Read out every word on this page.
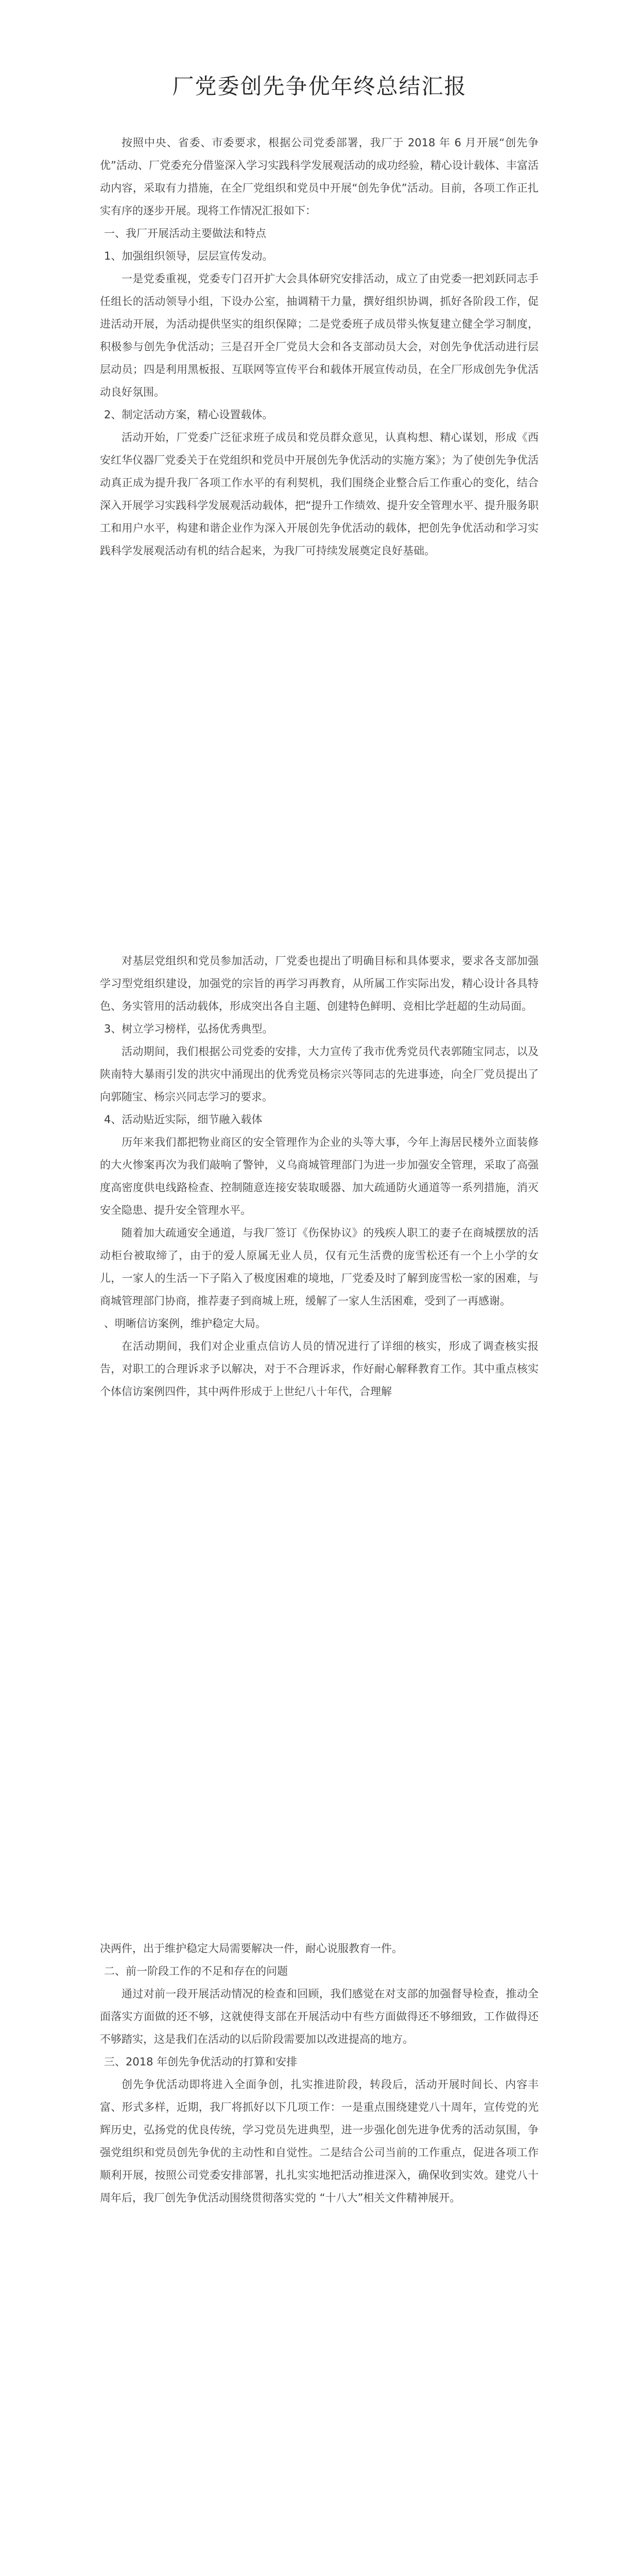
厂党委创先争优年终总结汇报

按照中央、省委、市委要求，根据公司党委部署，我厂于 2018 年 6 月开展“创先争优”活动、厂党委充分借鉴深入学习实践科学发展观活动的成功经验，精心设计载体、丰富活动内容，采取有力措施，在全厂党组织和党员中开展“创先争优”活动。目前，各项工作正扎实有序的逐步开展。现将工作情况汇报如下：

一、我厂开展活动主要做法和特点

1、加强组织领导，层层宣传发动。

一是党委重视，党委专门召开扩大会具体研究安排活动，成立了由党委一把刘跃同志手任组长的活动领导小组，下设办公室，抽调精干力量，撰好组织协调，抓好各阶段工作，促进活动开展，为活动提供坚实的组织保障；二是党委班子成员带头恢复建立健全学习制度，积极参与创先争优活动；三是召开全厂党员大会和各支部动员大会，对创先争优活动进行层层动员；四是利用黑板报、互联网等宣传平台和载体开展宣传动员，在全厂形成创先争优活动良好氛围。

2、制定活动方案，精心设置载体。

活动开始，厂党委广泛征求班子成员和党员群众意见，认真构想、精心谋划，形成《西安红华仪器厂党委关于在党组织和党员中开展创先争优活动的实施方案》；为了使创先争优活动真正成为提升我厂各项工作水平的有利契机，我们围绕企业整合后工作重心的变化，结合深入开展学习实践科学发展观活动载体，把“提升工作绩效、提升安全管理水平、提升服务职工和用户水平，构建和谐企业作为深入开展创先争优活动的载体，把创先争优活动和学习实践科学发展观活动有机的结合起来，为我厂可持续发展奠定良好基础。

对基层党组织和党员参加活动，厂党委也提出了明确目标和具体要求，要求各支部加强学习型党组织建设，加强党的宗旨的再学习再教育，从所属工作实际出发，精心设计各具特色、务实管用的活动载体，形成突出各自主题、创建特色鲜明、竞相比学赶超的生动局面。

3、树立学习榜样，弘扬优秀典型。

活动期间，我们根据公司党委的安排，大力宣传了我市优秀党员代表郭随宝同志，以及陕南特大暴雨引发的洪灾中涌现出的优秀党员杨宗兴等同志的先进事迹，向全厂党员提出了向郭随宝、杨宗兴同志学习的要求。

4、活动贴近实际，细节融入载体

历年来我们都把物业商区的安全管理作为企业的头等大事，今年上海居民楼外立面装修的大火惨案再次为我们敲响了警钟，义乌商城管理部门为进一步加强安全管理，采取了高强度高密度供电线路检查、控制随意连接安装取暖器、加大疏通防火通道等一系列措施，消灭安全隐患、提升安全管理水平。

随着加大疏通安全通道，与我厂签订《伤保协议》的残疾人职工的妻子在商城摆放的活动柜台被取缔了，由于的爱人原属无业人员，仅有元生活费的庞雪松还有一个上小学的女儿，一家人的生活一下子陷入了极度困难的境地，厂党委及时了解到庞雪松一家的困难，与商城管理部门协商，推荐妻子到商城上班，缓解了一家人生活困难，受到了一再感谢。

、明晰信访案例，维护稳定大局。

在活动期间，我们对企业重点信访人员的情况进行了详细的核实，形成了调查核实报告，对职工的合理诉求予以解决，对于不合理诉求，作好耐心解释教育工作。其中重点核实个体信访案例四件，其中两件形成于上世纪八十年代，合理解

决两件，出于维护稳定大局需要解决一件，耐心说服教育一件。

二、前一阶段工作的不足和存在的问题

通过对前一段开展活动情况的检查和回顾，我们感觉在对支部的加强督导检查，推动全面落实方面做的还不够，这就使得支部在开展活动中有些方面做得还不够细致，工作做得还不够踏实，这是我们在活动的以后阶段需要加以改进提高的地方。

三、2018 年创先争优活动的打算和安排

创先争优活动即将进入全面争创，扎实推进阶段，转段后，活动开展时间长、内容丰富、形式多样，近期，我厂将抓好以下几项工作：一是重点围绕建党八十周年，宣传党的光辉历史，弘扬党的优良传统，学习党员先进典型，进一步强化创先进争优秀的活动氛围，争强党组织和党员创先争优的主动性和自觉性。二是结合公司当前的工作重点，促进各项工作顺利开展，按照公司党委安排部署，扎扎实实地把活动推进深入，确保收到实效。建党八十周年后，我厂创先争优活动围绕贯彻落实党的 “十八大”相关文件精神展开。
